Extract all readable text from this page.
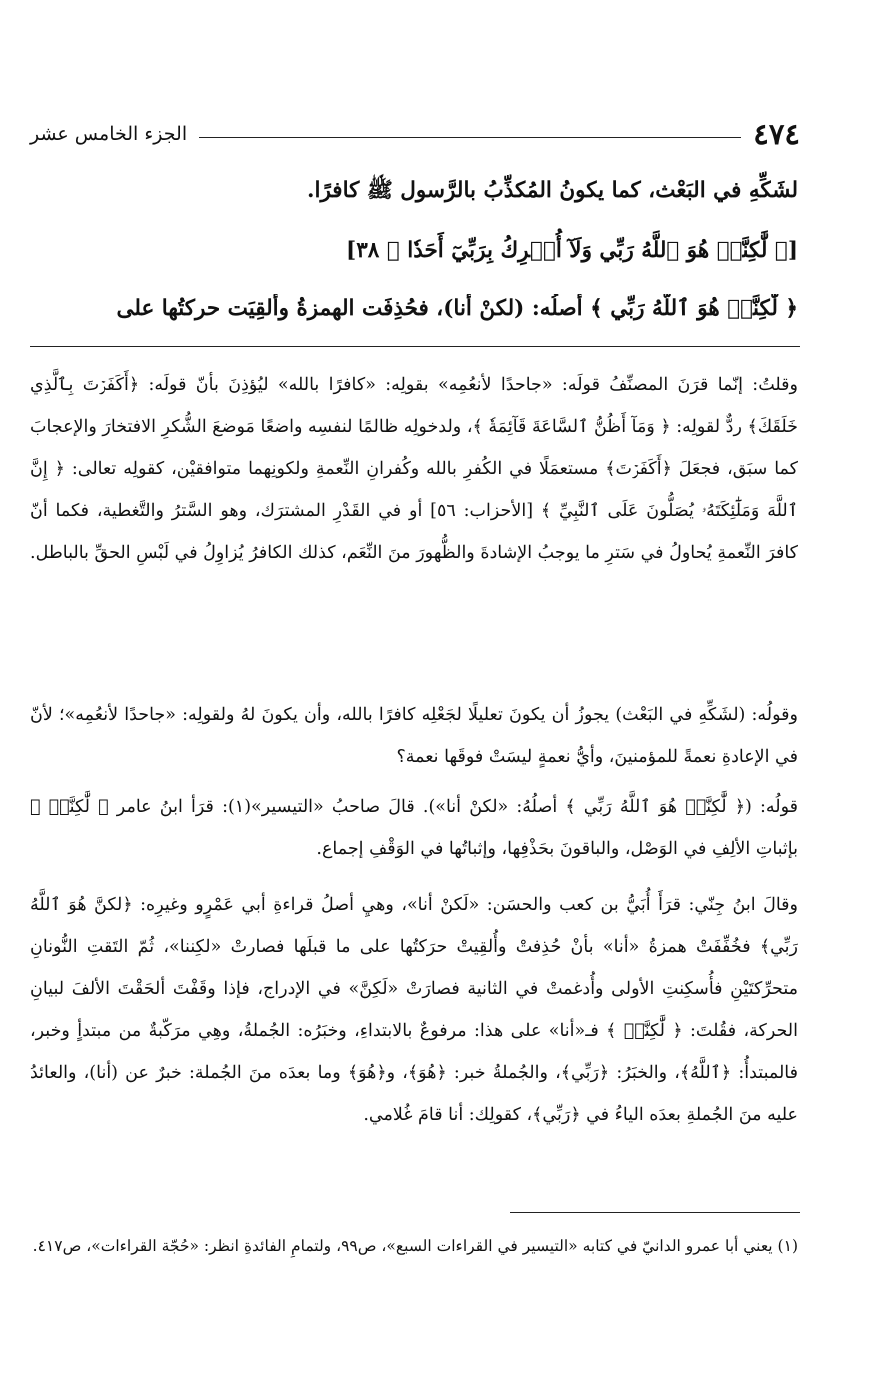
٤٧٤
الجزء الخامس عشر
لشَكِّهِ في البَعْث، كما يكونُ المُكذِّبُ بالرَّسول ﷺ كافرًا.
[﴿ لَّٰكِنَّا۠ هُوَ ٱللَّهُ رَبِّي وَلَآ أُشۡرِكُ بِرَبِّيٓ أَحَدٗا ﴾ ٣٨]
﴿ لَّٰكِنَّا۠ هُوَ ٱللَّهُ رَبِّي ﴾ أصلُه: (لكنْ أنا)، فحُذِفَت الهمزةُ وأُلقِيَت حركتُها على
وقلتُ: إنّما قرَنَ المصنِّفُ قولَه: «جاحدًا لأنعُمِه» بقولِه: «كافرًا بالله» ليُؤذِنَ بأنّ قولَه: ﴿أَكَفَرۡتَ بِٱلَّذِي خَلَقَكَ﴾ ردٌّ لقولِه: ﴿ وَمَآ أَظُنُّ ٱلسَّاعَةَ قَآئِمَةٗ ﴾، ولدخولِه ظالمًا لنفسِه واضعًا مَوضعَ الشُّكرِ الافتخارَ والإعجابَ كما سبَق، فجعَلَ ﴿أَكَفَرۡتَ﴾ مستعمَلًا في الكُفرِ بالله وكُفرانِ النِّعمةِ ولكونِهما متوافقيْن، كقولِه تعالى: ﴿ إِنَّ ٱللَّهَ وَمَلَٰٓئِكَتَهُۥ يُصَلُّونَ عَلَى ٱلنَّبِيِّ ﴾ [الأحزاب: ٥٦] أو في القَدْرِ المشترَك، وهو السَّترُ والتَّغطية، فكما أنّ كافرَ النِّعمةِ يُحاولُ في سَترِ ما يوجبُ الإشادةَ والظُّهورَ منَ النِّعَم، كذلك الكافرُ يُزاوِلُ في لَبْسِ الحقِّ بالباطل.
وقولُه: (لشَكِّهِ في البَعْث) يجوزُ أن يكونَ تعليلًا لجَعْلِه كافرًا بالله، وأن يكونَ لهُ ولقولِه: «جاحدًا لأنعُمِه»؛ لأنّ في الإعادةِ نعمةً للمؤمنينَ، وأيُّ نعمةٍ ليسَتْ فوقَها نعمة؟
قولُه: (﴿ لَّٰكِنَّا۠ هُوَ ٱللَّهُ رَبِّي ﴾ أصلُهُ: «لكنْ أنا»). قالَ صاحبُ «التيسير»(١): قرَأ ابنُ عامر ﴿ لَّٰكِنَّا۠ ﴾ بإثباتِ الألِفِ في الوَصْل، والباقونَ بحَذْفِها، وإثباتُها في الوَقْفِ إجماع.
وقالَ ابنُ جِنّي: قرَأَ أُبَيُّ بن كعب والحسَن: «لَكنْ أنا»، وهيِ أصلُ قراءةِ أبي عَمْرٍو وغيرِه: ﴿لكنَّ هُوَ ٱللَّهُ رَبِّي﴾ فخُفِّفَتْ همزةُ «أنا» بأنْ حُذِفتْ وأُلقِيتْ حرَكتُها على ما قبلَها فصارتْ «لكِننا»، ثُمّ التَقتِ النُّونانِ متحرِّكتَيْنِ فأُسكِنتِ الأولى وأُدغمتْ في الثانية فصارَتْ «لَكِنَّ» في الإدراج، فإذا وقَفْتَ ألحَقْتَ الألفَ لبيانِ الحركة، فقُلتَ: ﴿ لَّٰكِنَّا۠ ﴾ فـ«أنا» على هذا: مرفوعٌ بالابتداءِ، وخبَرُه: الجُملةُ، وهِي مرَكّبةٌ من مبتدأٍ وخبر، فالمبتدأُ: ﴿ٱللَّهُ﴾، والخبَرُ: ﴿رَبِّي﴾، والجُملةُ خبر: ﴿هُوَ﴾، و﴿هُوَ﴾ وما بعدَه منَ الجُملة: خبرٌ عن (أنا)، والعائدُ عليه منَ الجُملةِ بعدَه الياءُ في ﴿رَبِّي﴾، كقولِك: أنا قامَ غُلامي.
(١) يعني أبا عمرو الدانيّ في كتابه «التيسير في القراءات السبع»، ص٩٩، ولتمامِ الفائدةِ انظر: «حُجّة القراءات»، ص٤١٧.
